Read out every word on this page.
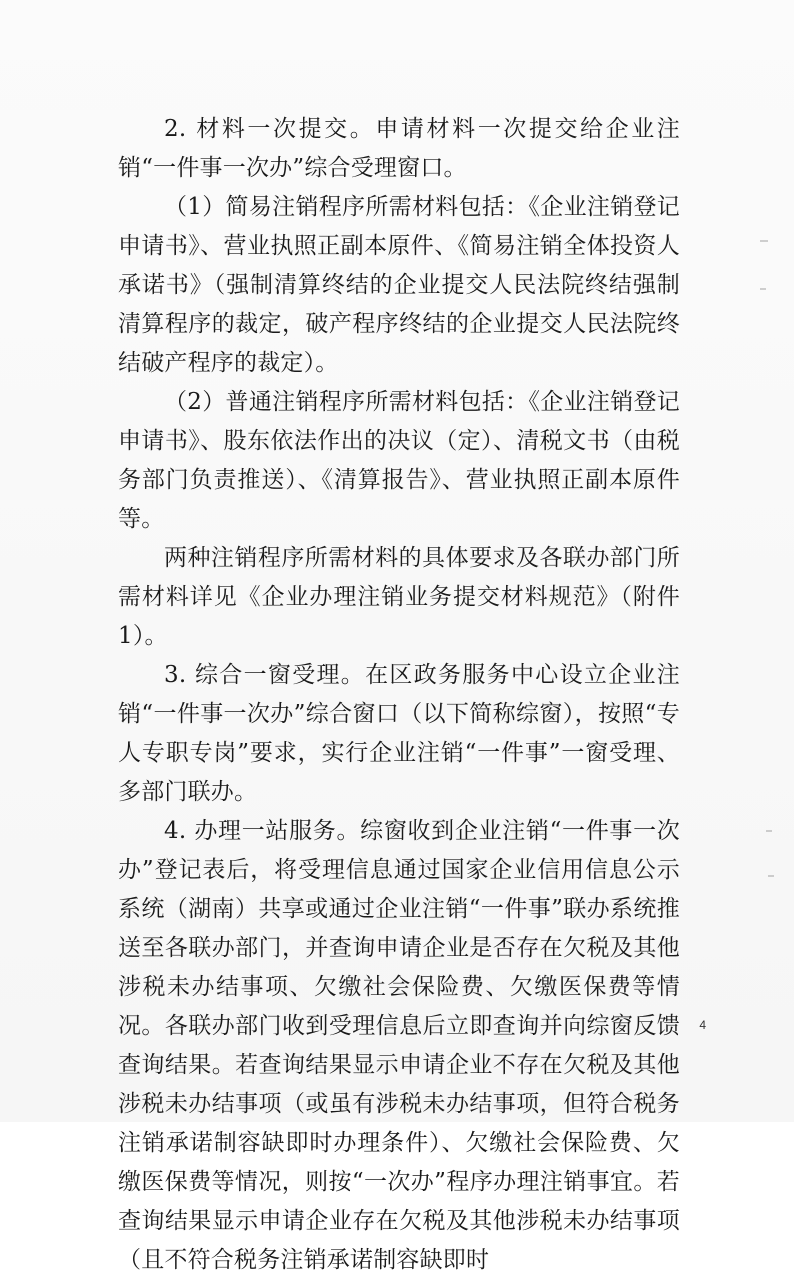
2. 材料一次提交。申请材料一次提交给企业注销“一件事一次办”综合受理窗口。

（1）简易注销程序所需材料包括：《企业注销登记申请书》、营业执照正副本原件、《简易注销全体投资人承诺书》（强制清算终结的企业提交人民法院终结强制清算程序的裁定，破产程序终结的企业提交人民法院终结破产程序的裁定）。

（2）普通注销程序所需材料包括：《企业注销登记申请书》、股东依法作出的决议（定）、清税文书（由税务部门负责推送）、《清算报告》、营业执照正副本原件等。

两种注销程序所需材料的具体要求及各联办部门所需材料详见《企业办理注销业务提交材料规范》（附件 1）。

3. 综合一窗受理。在区政务服务中心设立企业注销“一件事一次办”综合窗口（以下简称综窗），按照“专人专职专岗”要求，实行企业注销“一件事”一窗受理、多部门联办。

4. 办理一站服务。综窗收到企业注销“一件事一次办”登记表后，将受理信息通过国家企业信用信息公示系统（湖南）共享或通过企业注销“一件事”联办系统推送至各联办部门，并查询申请企业是否存在欠税及其他涉税未办结事项、欠缴社会保险费、欠缴医保费等情况。各联办部门收到受理信息后立即查询并向综窗反馈查询结果。若查询结果显示申请企业不存在欠税及其他涉税未办结事项（或虽有涉税未办结事项，但符合税务注销承诺制容缺即时办理条件）、欠缴社会保险费、欠缴医保费等情况，则按“一次办”程序办理注销事宜。若查询结果显示申请企业存在欠税及其他涉税未办结事项（且不符合税务注销承诺制容缺即时

4
